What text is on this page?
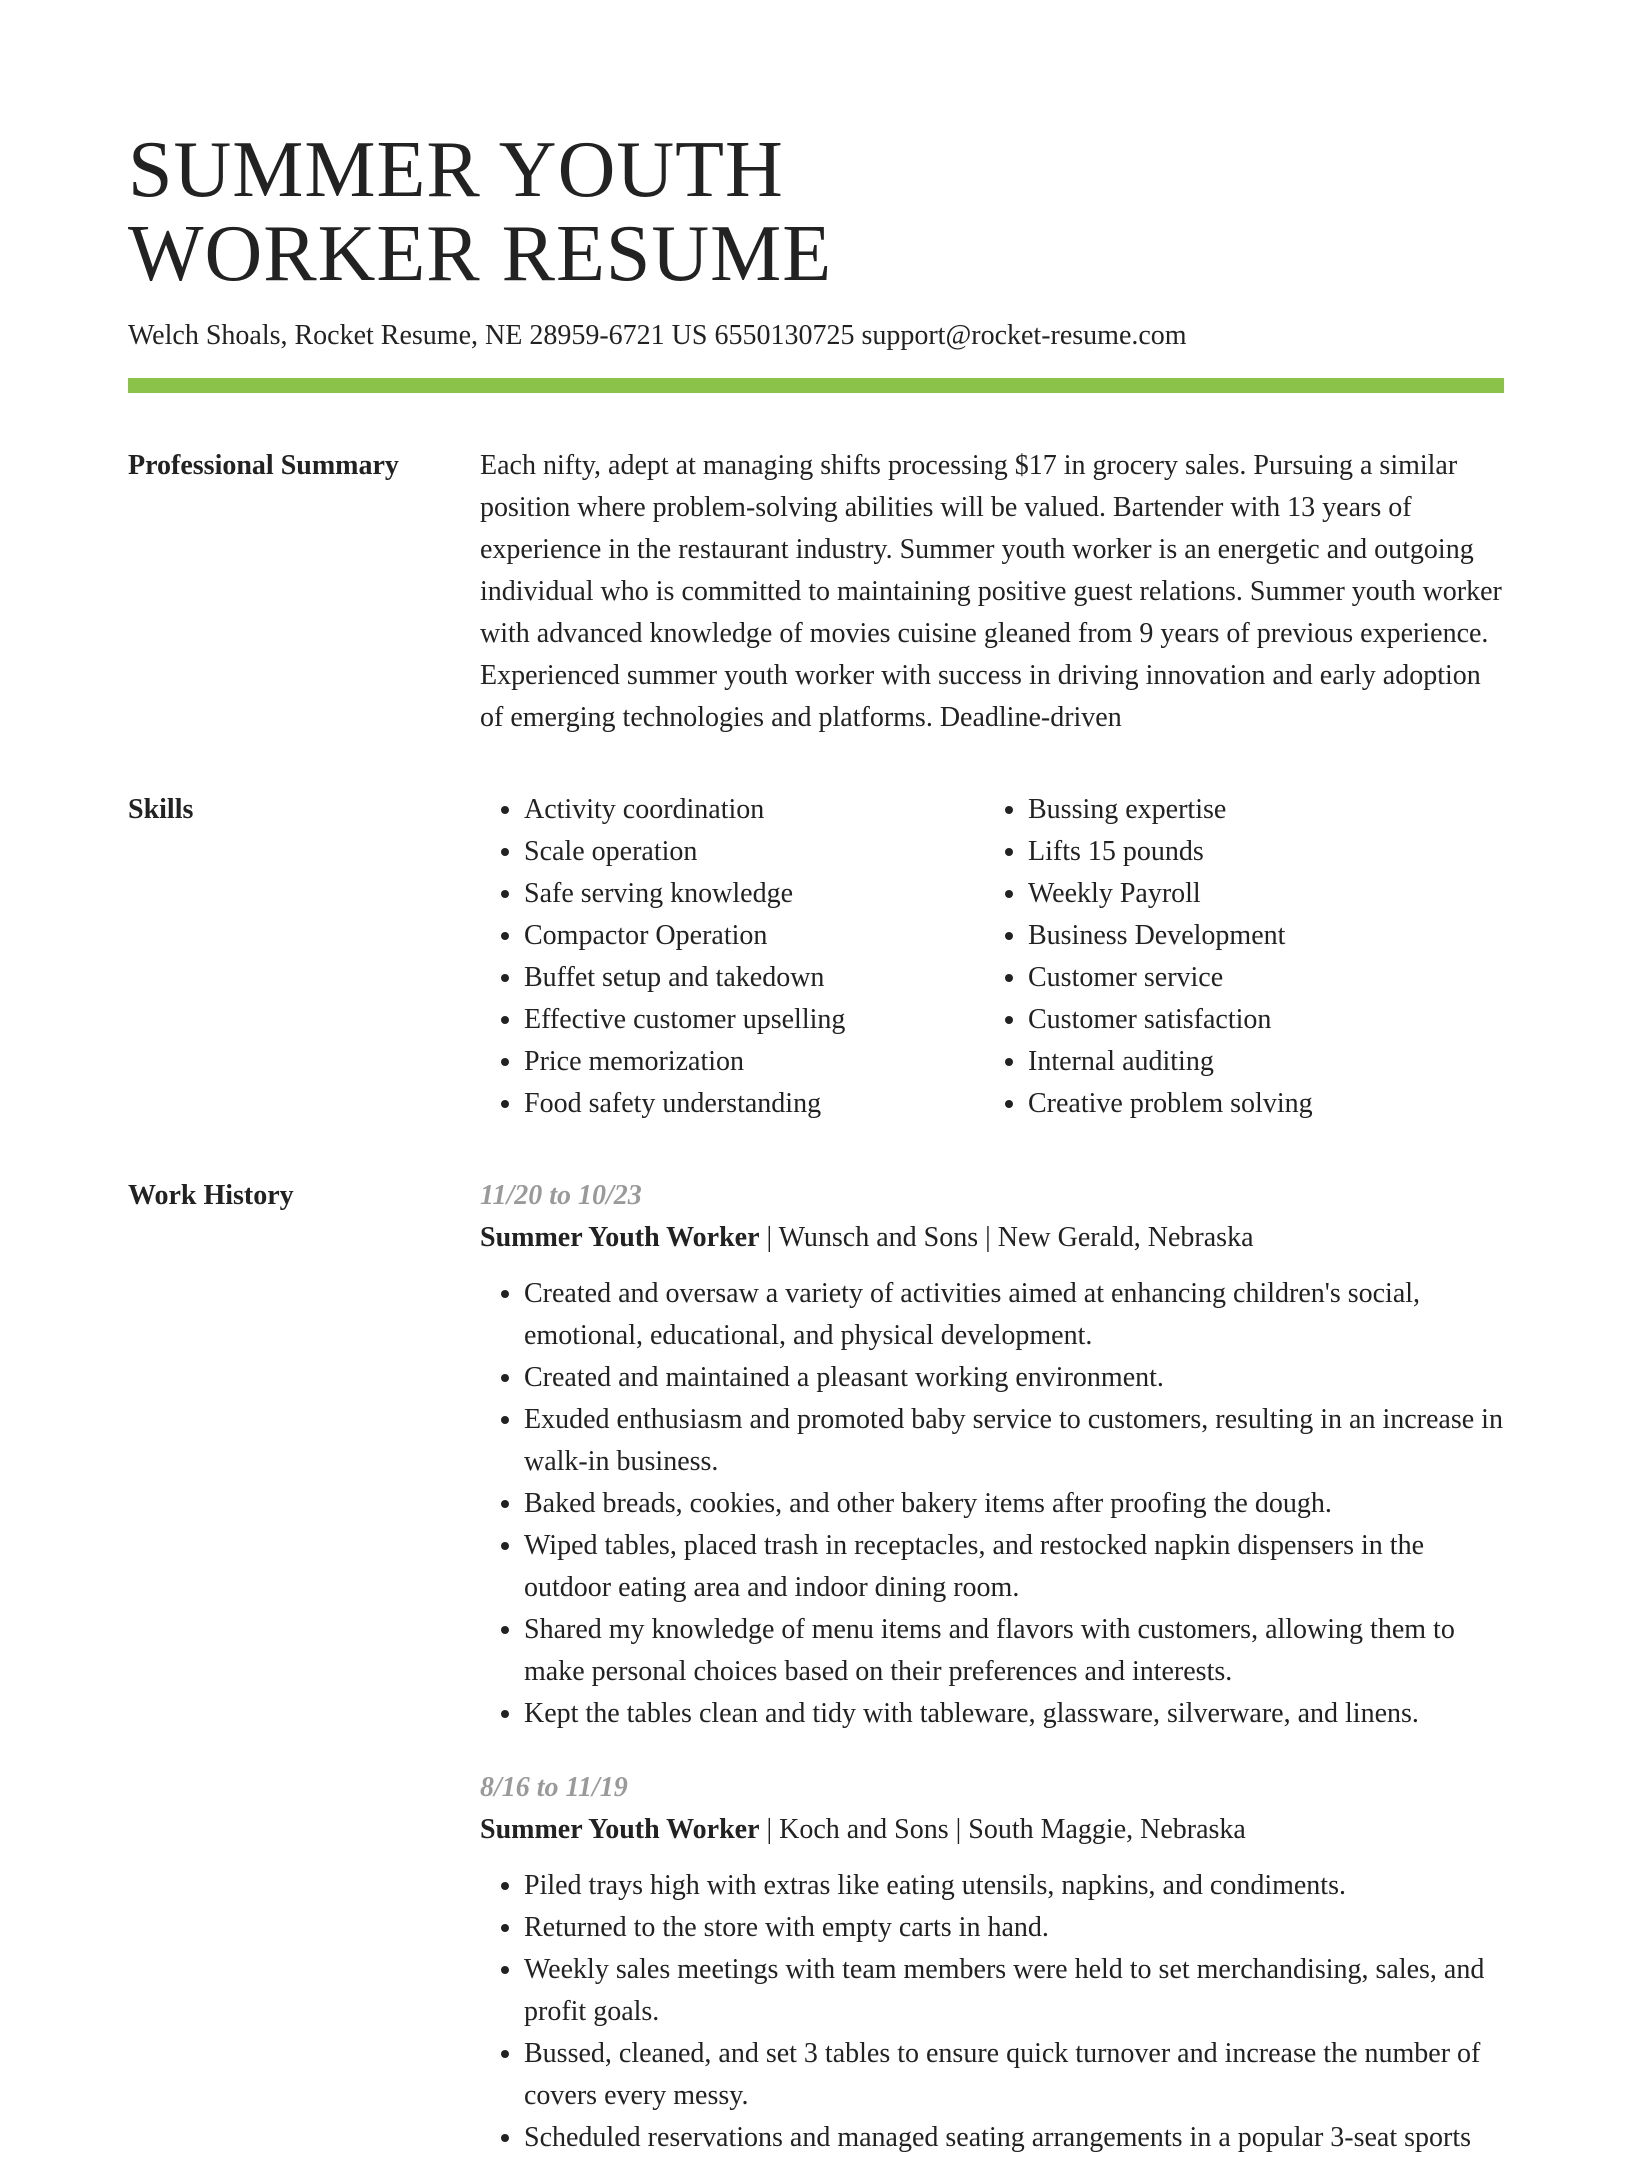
SUMMER YOUTH
WORKER RESUME
Welch Shoals, Rocket Resume, NE 28959-6721 US 6550130725 support@rocket-resume.com
Professional Summary	Each nifty, adept at managing shifts processing $17 in grocery sales. Pursuing a similar position where problem-solving abilities will be valued. Bartender with 13 years of experience in the restaurant industry. Summer youth worker is an energetic and outgoing individual who is committed to maintaining positive guest relations. Summer youth worker with advanced knowledge of movies cuisine gleaned from 9 years of previous experience. Experienced summer youth worker with success in driving innovation and early adoption of emerging technologies and platforms. Deadline-driven

Skills
•	Activity coordination
• Scale operation
• Safe serving knowledge
• Compactor Operation
• Buffet setup and takedown
• Effective customer upselling
• Price memorization
• Food safety understanding
• Bussing expertise
• Lifts 15 pounds
• Weekly Payroll
• Business Development
• Customer service
• Customer satisfaction
• Internal auditing
• Creative problem solving
Work History	11/20 to 10/23
Summer Youth Worker | Wunsch and Sons | New Gerald, Nebraska
• Created and oversaw a variety of activities aimed at enhancing children's social, emotional, educational, and physical development.
• Created and maintained a pleasant working environment.
• Exuded enthusiasm and promoted baby service to customers, resulting in an increase in walk-in business.
• Baked breads, cookies, and other bakery items after proofing the dough.
• Wiped tables, placed trash in receptacles, and restocked napkin dispensers in the outdoor eating area and indoor dining room.
• Shared my knowledge of menu items and flavors with customers, allowing them to make personal choices based on their preferences and interests.
• Kept the tables clean and tidy with tableware, glassware, silverware, and linens.
8/16 to 11/19
Summer Youth Worker | Koch and Sons | South Maggie, Nebraska
• Piled trays high with extras like eating utensils, napkins, and condiments.
• Returned to the store with empty carts in hand.
• Weekly sales meetings with team members were held to set merchandising, sales, and profit goals.
• Bussed, cleaned, and set 3 tables to ensure quick turnover and increase the number of covers every messy.
• Scheduled reservations and managed seating arrangements in a popular 3-seat sports
